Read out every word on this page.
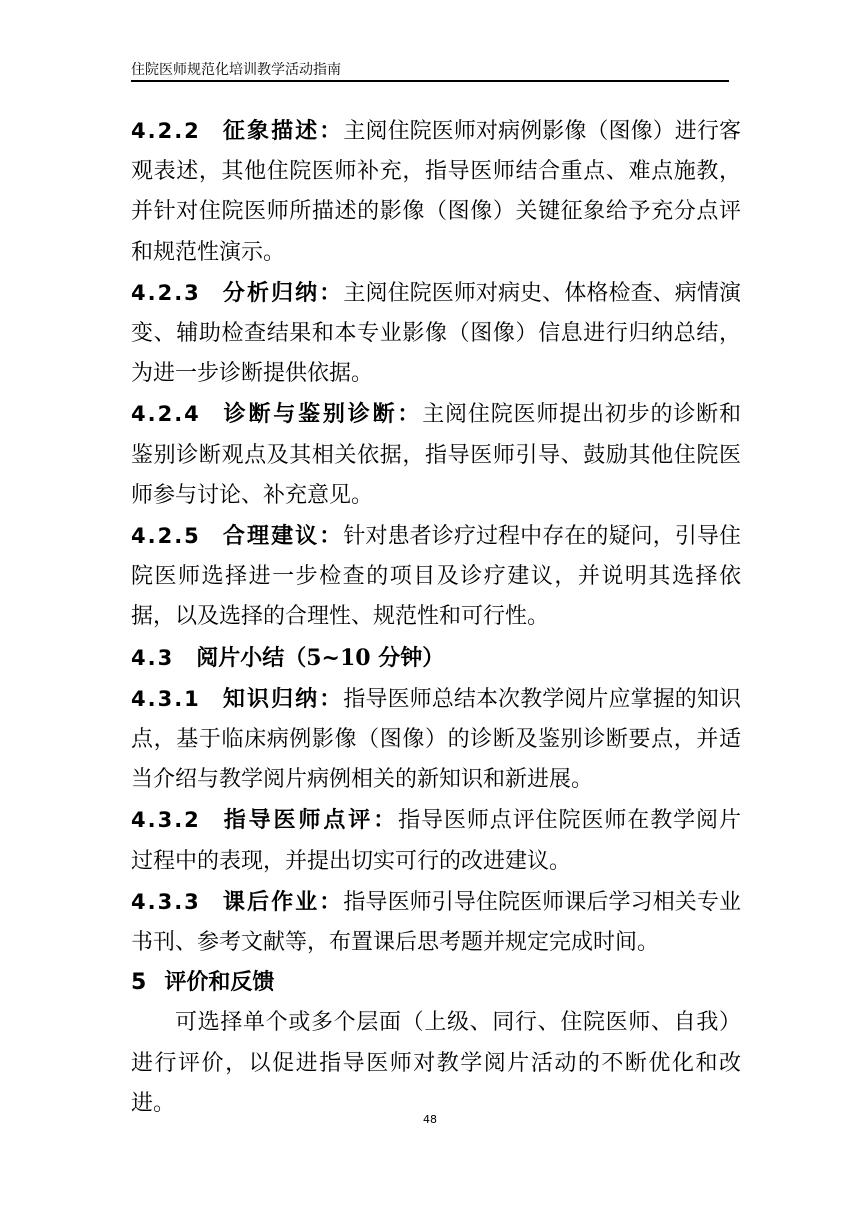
住院医师规范化培训教学活动指南

4.2.2 征象描述：主阅住院医师对病例影像（图像）进行客观表述，其他住院医师补充，指导医师结合重点、难点施教，并针对住院医师所描述的影像（图像）关键征象给予充分点评和规范性演示。

4.2.3 分析归纳：主阅住院医师对病史、体格检查、病情演变、辅助检查结果和本专业影像（图像）信息进行归纳总结，为进一步诊断提供依据。

4.2.4 诊断与鉴别诊断：主阅住院医师提出初步的诊断和鉴别诊断观点及其相关依据，指导医师引导、鼓励其他住院医师参与讨论、补充意见。

4.2.5 合理建议：针对患者诊疗过程中存在的疑问，引导住院医师选择进一步检查的项目及诊疗建议，并说明其选择依据，以及选择的合理性、规范性和可行性。

4.3 阅片小结（5~10 分钟）

4.3.1 知识归纳：指导医师总结本次教学阅片应掌握的知识点，基于临床病例影像（图像）的诊断及鉴别诊断要点，并适当介绍与教学阅片病例相关的新知识和新进展。

4.3.2 指导医师点评：指导医师点评住院医师在教学阅片过程中的表现，并提出切实可行的改进建议。

4.3.3 课后作业：指导医师引导住院医师课后学习相关专业书刊、参考文献等，布置课后思考题并规定完成时间。

5 评价和反馈

可选择单个或多个层面（上级、同行、住院医师、自我）进行评价，以促进指导医师对教学阅片活动的不断优化和改进。

48
